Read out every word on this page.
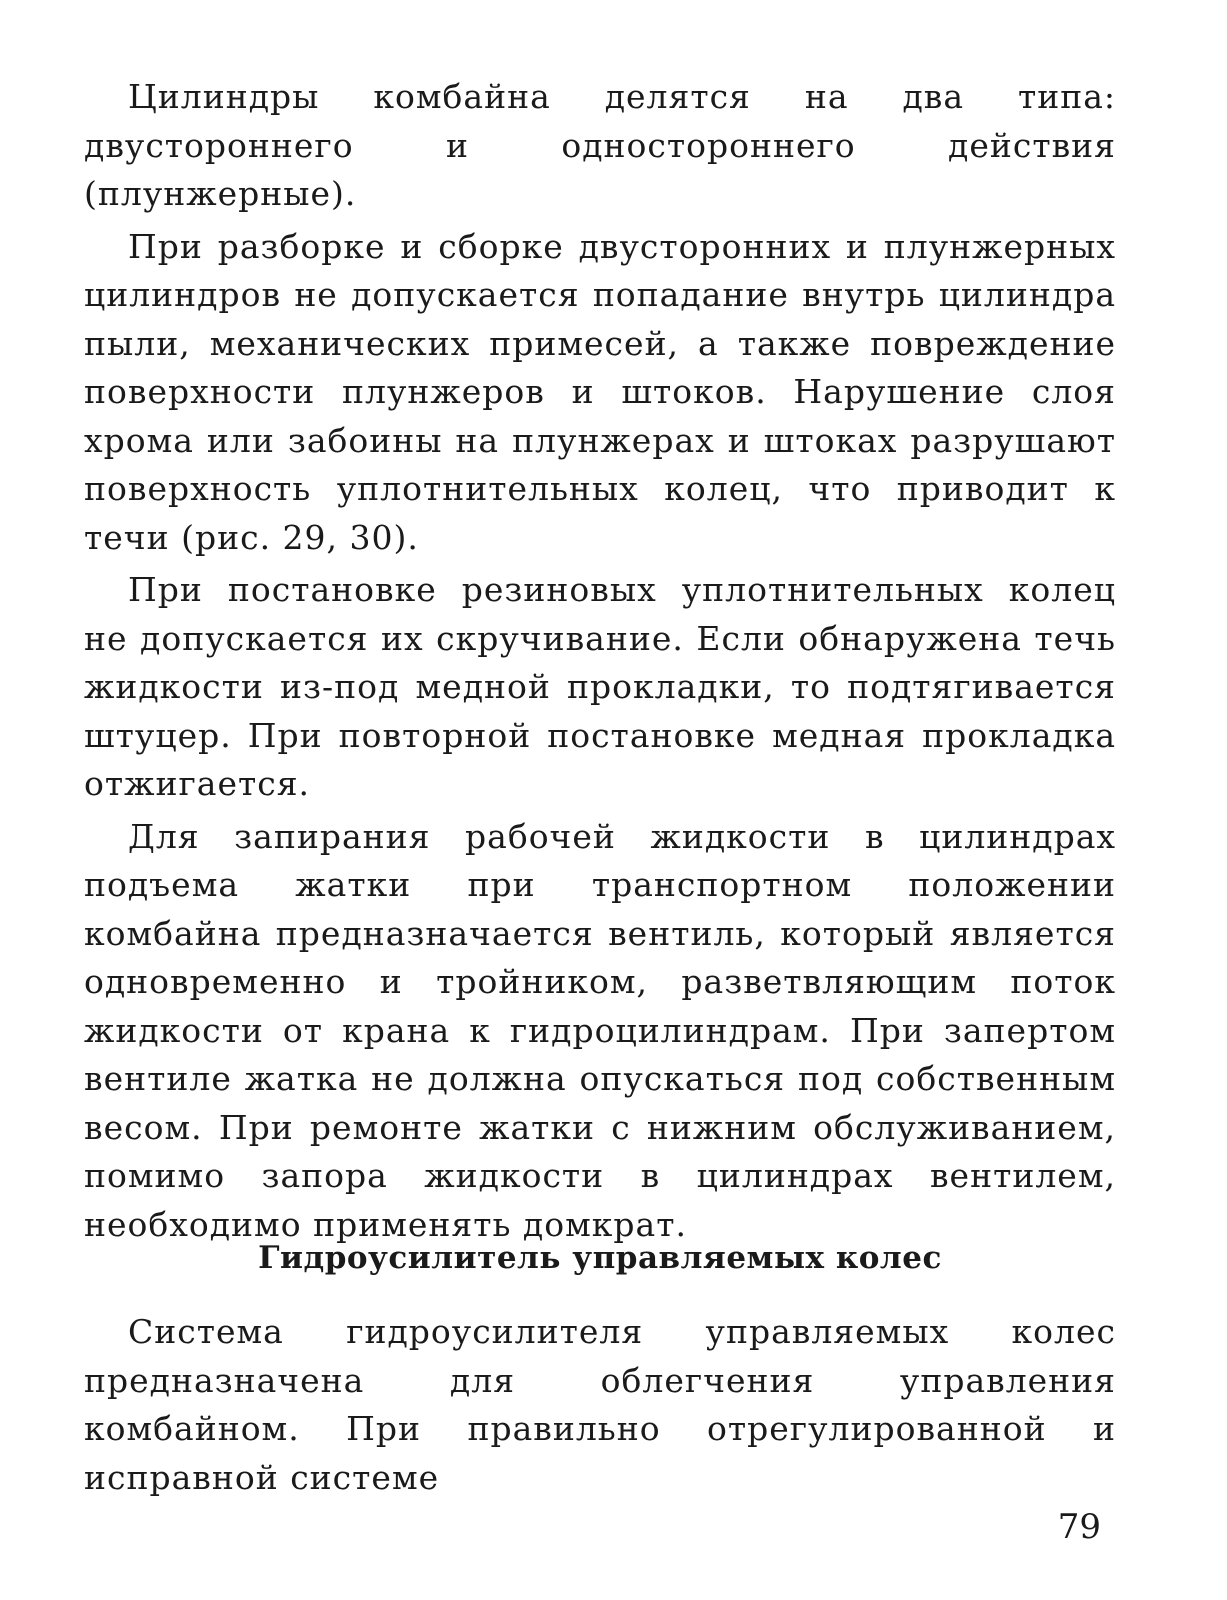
Цилиндры комбайна делятся на два типа: двустороннего и одностороннего действия (плунжерные).

При разборке и сборке двусторонних и плунжерных цилиндров не допускается попадание внутрь цилиндра пыли, механических примесей, а также повреждение поверхности плунжеров и штоков. Нарушение слоя хрома или забоины на плунжерах и штоках разрушают поверхность уплотнительных колец, что приводит к течи (рис. 29, 30).

При постановке резиновых уплотнительных колец не допускается их скручивание. Если обнаружена течь жидкости из-под медной прокладки, то подтягивается штуцер. При повторной постановке медная прокладка отжигается.

Для запирания рабочей жидкости в цилиндрах подъема жатки при транспортном положении комбайна предназначается вентиль, который является одновременно и тройником, разветвляющим поток жидкости от крана к гидроцилиндрам. При запертом вентиле жатка не должна опускаться под собственным весом. При ремонте жатки с нижним обслуживанием, помимо запора жидкости в цилиндрах вентилем, необходимо применять домкрат.

Гидроусилитель управляемых колес

Система гидроусилителя управляемых колес предназначена для облегчения управления комбайном. При правильно отрегулированной и исправной системе

79
